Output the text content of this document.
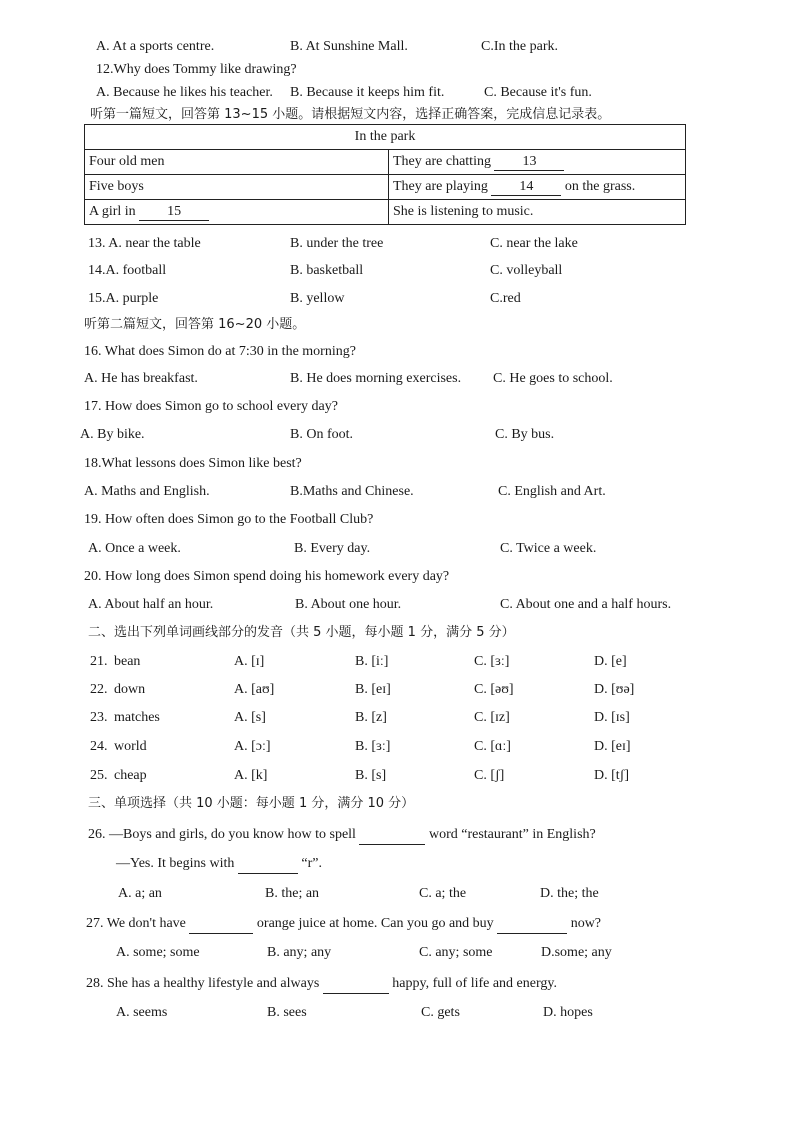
A. At a sports centre.	B. At Sunshine Mall.	C.In the park.
12.Why does Tommy like drawing?
A. Because he likes his teacher. B. Because it keeps him fit.	C. Because it's fun.
听第一篇短文，回答第 13~15 小题。请根据短文内容，选择正确答案，完成信息记录表。
In the park	
Four old men	They are chatting 13
Five boys	They are playing 14 on the grass.
A girl in 15	She is listening to music.
13. A. near the table	B. under the tree	C. near the lake
14.A. football	B. basketball	C. volleyball
15.A. purple	B. yellow	C.red
听第二篇短文，回答第 16~20 小题。
16. What does Simon do at 7:30 in the morning?
A. He has breakfast.	B. He does morning exercises. C. He goes to school.
17. How does Simon go to school every day?
A. By bike.	B. On foot.	C. By bus.
18.What lessons does Simon like best?
A. Maths and English.	B.Maths and Chinese.	C. English and Art.
19. How often does Simon go to the Football Club?
A. Once a week.	B. Every day.	C. Twice a week.
20. How long does Simon spend doing his homework every day?
A. About half an hour.	B. About one hour.	C. About one and a half hours.
二、选出下列单词画线部分的发音（共 5 小题，每小题 1 分，满分 5 分）
21. bean	A. [ɪ]	B. [iː]	C. [ɜː]	D. [e]
22. down	A. [aʊ]	B. [eɪ]	C. [əʊ]	D. [ʊə]
23. matches	A. [s]	B. [z]	C. [ɪz]	D. [ɪs]
24. world	A. [ɔː]	B. [ɜː]	C. [ɑː]	D. [eɪ]
25. cheap	A. [k]	B. [s]	C. [ʃ]	D. [tʃ]
三、单项选择（共 10 小题：每小题 1 分，满分 10 分）
26. —Boys and girls, do you know how to spell	word “restaurant” in English?
—Yes. It begins with	“r”.
A. a; an	B. the; an	C. a; the	D. the; the
27. We don't have	orange juice at home. Can you go and buy	now?
A. some; some	B. any; any	C. any; some	D.some; any
28. She has a healthy lifestyle and always	happy, full of life and energy.
A. seems	B. sees	C. gets	D. hopes
